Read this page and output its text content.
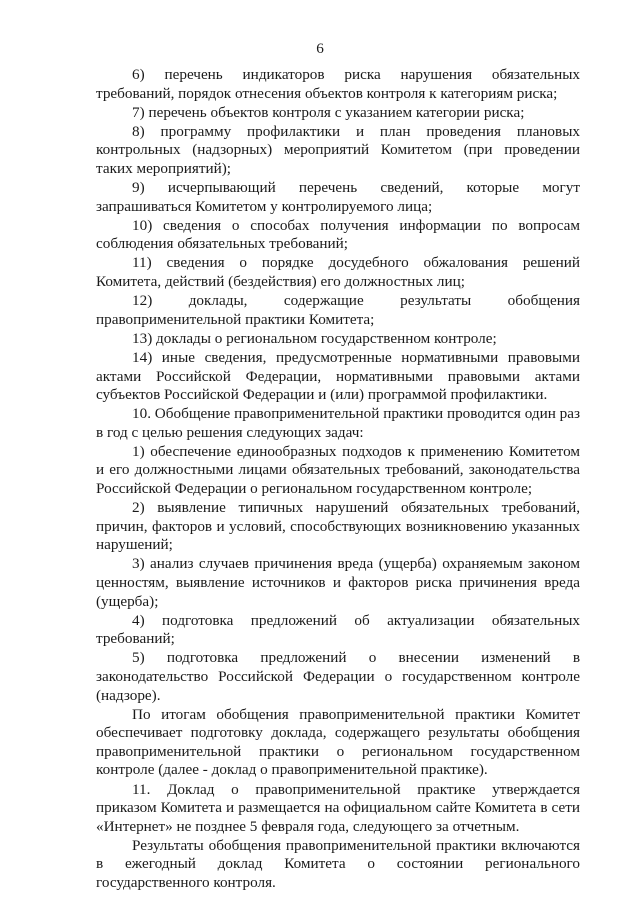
6

6) перечень индикаторов риска нарушения обязательных требований, порядок отнесения объектов контроля к категориям риска;

7) перечень объектов контроля с указанием категории риска;

8) программу профилактики и план проведения плановых контрольных (надзорных) мероприятий Комитетом (при проведении таких мероприятий);

9) исчерпывающий перечень сведений, которые могут запрашиваться Комитетом у контролируемого лица;

10) сведения о способах получения информации по вопросам соблюдения обязательных требований;

11) сведения о порядке досудебного обжалования решений Комитета, действий (бездействия) его должностных лиц;

12) доклады, содержащие результаты обобщения правоприменительной практики Комитета;

13) доклады о региональном государственном контроле;

14) иные сведения, предусмотренные нормативными правовыми актами Российской Федерации, нормативными правовыми актами субъектов Российской Федерации и (или) программой профилактики.

10. Обобщение правоприменительной практики проводится один раз в год с целью решения следующих задач:

1) обеспечение единообразных подходов к применению Комитетом и его должностными лицами обязательных требований, законодательства Российской Федерации о региональном государственном контроле;

2) выявление типичных нарушений обязательных требований, причин, факторов и условий, способствующих возникновению указанных нарушений;

3) анализ случаев причинения вреда (ущерба) охраняемым законом ценностям, выявление источников и факторов риска причинения вреда (ущерба);

4) подготовка предложений об актуализации обязательных требований;

5) подготовка предложений о внесении изменений в законодательство Российской Федерации о государственном контроле (надзоре).

По итогам обобщения правоприменительной практики Комитет обеспечивает подготовку доклада, содержащего результаты обобщения правоприменительной практики о региональном государственном контроле (далее - доклад о правоприменительной практике).

11. Доклад о правоприменительной практике утверждается приказом Комитета и размещается на официальном сайте Комитета в сети «Интернет» не позднее 5 февраля года, следующего за отчетным.

Результаты обобщения правоприменительной практики включаются в ежегодный доклад Комитета о состоянии регионального государственного контроля.
